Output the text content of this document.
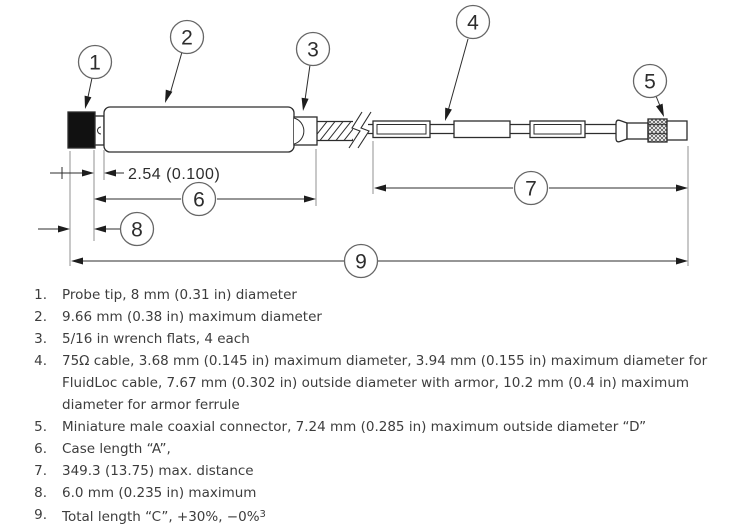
2.54 (0.100)
1
2
3
4
5
6	7
8
9
1. Probe tip, 8 mm (0.31 in) diameter
2. 9.66 mm (0.38 in) maximum diameter
3. 5/16 in wrench flats, 4 each
4. 75Ω cable, 3.68 mm (0.145 in) maximum diameter, 3.94 mm (0.155 in) maximum diameter for FluidLoc cable, 7.67 mm (0.302 in) outside diameter with armor, 10.2 mm (0.4 in) maximum diameter for armor ferrule
5. Miniature male coaxial connector, 7.24 mm (0.285 in) maximum outside diameter “D”
6. Case length “A”,
7. 349.3 (13.75) max. distance
8. 6.0 mm (0.235 in) maximum
9. Total length “C”, +30%, −0%$^3$
